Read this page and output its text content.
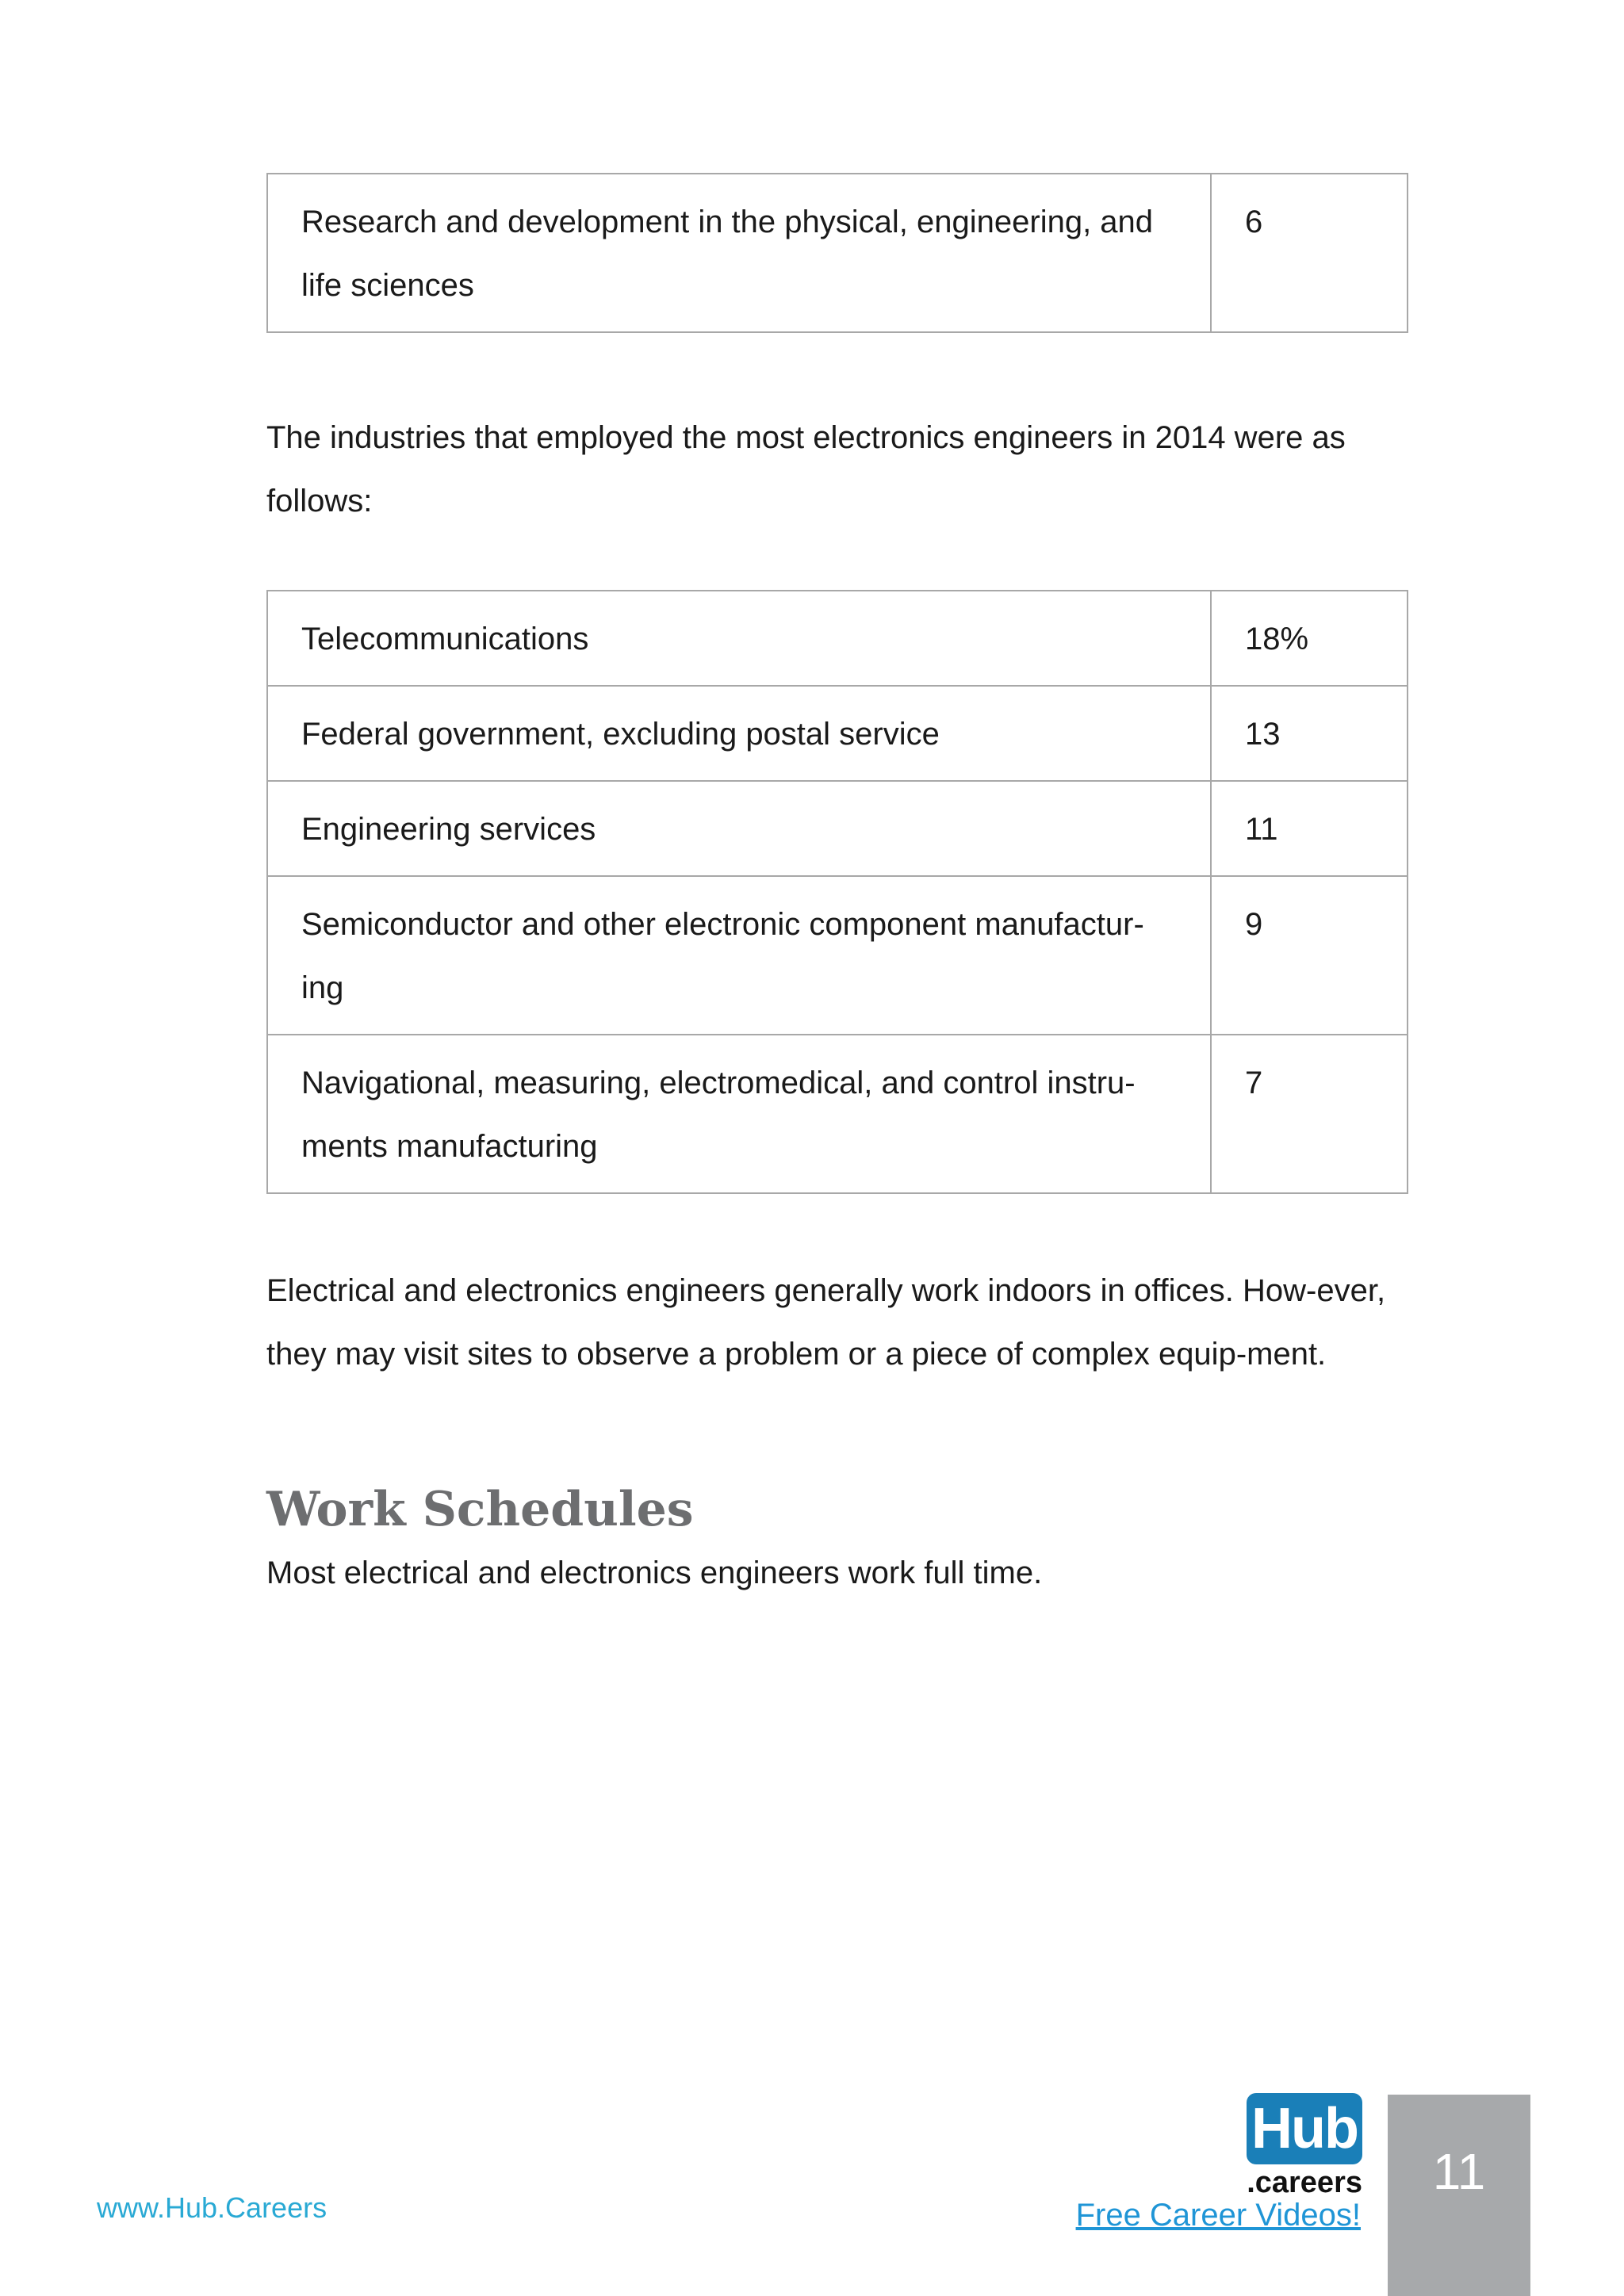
Research and development in the physical, engineering, and life sciences	6

The industries that employed the most electronics engineers in 2014 were as follows:

Telecommunications	18%
Federal government, excluding postal service	13
Engineering services	11
Semiconductor and other electronic component manufactur-ing	9
Navigational, measuring, electromedical, and control instru-ments manufacturing	7

Electrical and electronics engineers generally work indoors in offices. How-ever, they may visit sites to observe a problem or a piece of complex equip-ment.

Work Schedules

Most electrical and electronics engineers work full time.

www.Hub.Careers
Hub
.careers
Free Career Videos!
11
